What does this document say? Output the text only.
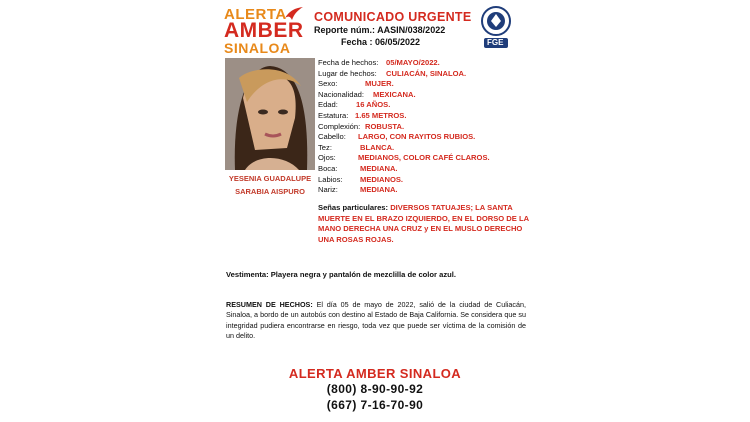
ALERTA
AMBER
SINALOA
COMUNICADO URGENTE
Reporte núm.: AASIN/038/2022
Fecha : 06/05/2022	FGE
YESENIA GUADALUPE
SARABIA AISPURO
Fecha de hechos: 05/MAYO/2022.
Lugar de hechos: CULIACÁN, SINALOA.
Sexo:	MUJER.
Nacionalidad: MEXICANA.
Edad: 16 AÑOS.
Estatura: 1.65 METROS.
Complexión: ROBUSTA.
Cabello: LARGO, CON RAYITOS RUBIOS.
Tez:	BLANCA.
Ojos:	MEDIANOS, COLOR CAFÉ CLAROS.
Boca:	MEDIANA.
Labios: MEDIANOS.
Nariz:	MEDIANA.
Señas particulares: DIVERSOS TATUAJES; LA SANTA MUERTE EN EL BRAZO IZQUIERDO, EN EL DORSO DE LA MANO DERECHA UNA CRUZ y EN EL MUSLO DERECHO UNA ROSAS ROJAS.
Vestimenta: Playera negra y pantalón de mezclilla de color azul.
RESUMEN DE HECHOS: El día 05 de mayo de 2022, salió de la ciudad de Culiacán, Sinaloa, a bordo de un autobús con destino al Estado de Baja California. Se considera que su integridad pudiera encontrarse en riesgo, toda vez que puede ser víctima de la comisión de un delito.
ALERTA AMBER SINALOA
(800) 8-90-90-92
(667) 7-16-70-90
